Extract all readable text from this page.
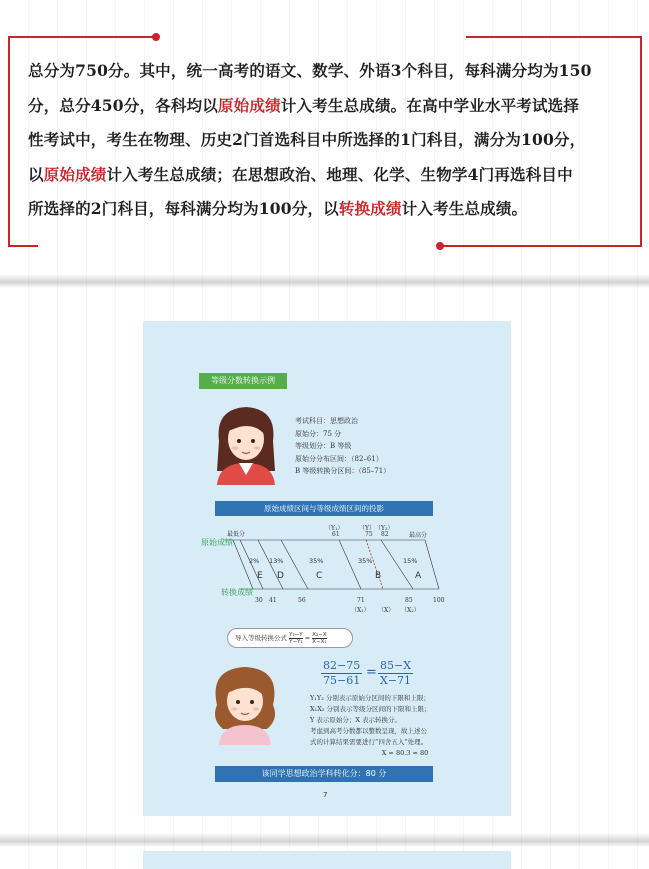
总分为750分。其中，统一高考的语文、数学、外语3个科目，每科满分均为150
分，总分450分，各科均以原始成绩计入考生总成绩。在高中学业水平考试选择
性考试中，考生在物理、历史2门首选科目中所选择的1门科目，满分为100分，
以原始成绩计入考生总成绩；在思想政治、地理、化学、生物学4门再选科目中
所选择的2门科目，每科满分均为100分，以转换成绩计入考生总成绩。
等级分数转换示例
考试科目：思想政治
原始分：75 分
等级划分：B 等级
原始分分布区间：（82–61）
B 等级转换分区间：（85–71）
原始成绩区间与等级成绩区间的投影
最低分	最高分
原始成绩
转换成绩
（Y₁）
61
（Y）
75
（Y₂）
82
2% 13%	35%	35%	15%
E D	C	B	A
30 41	56	71	85	100
（X₁） （X） （X₂）
导入等级转换公式 $\frac{\text{Y₂−Y}}{\text{Y−Y₁}} = \frac{\text{X₂−X}}{\text{X−X₁}}$
$\frac{82-75}{75-61} = \frac{85-X}{X-71}$
Y₁Y₂ 分别表示原始分区间的下限和上限；
X₁X₂ 分别表示等级分区间的下限和上限；
Y 表示原始分；X 表示转换分。
考虑到高考分数都以整数呈现，故上述公
式的计算结果需要进行“四舍五入”处理。
X = 80.3 ≈ 80
该同学思想政治学科转化分：80 分
7
